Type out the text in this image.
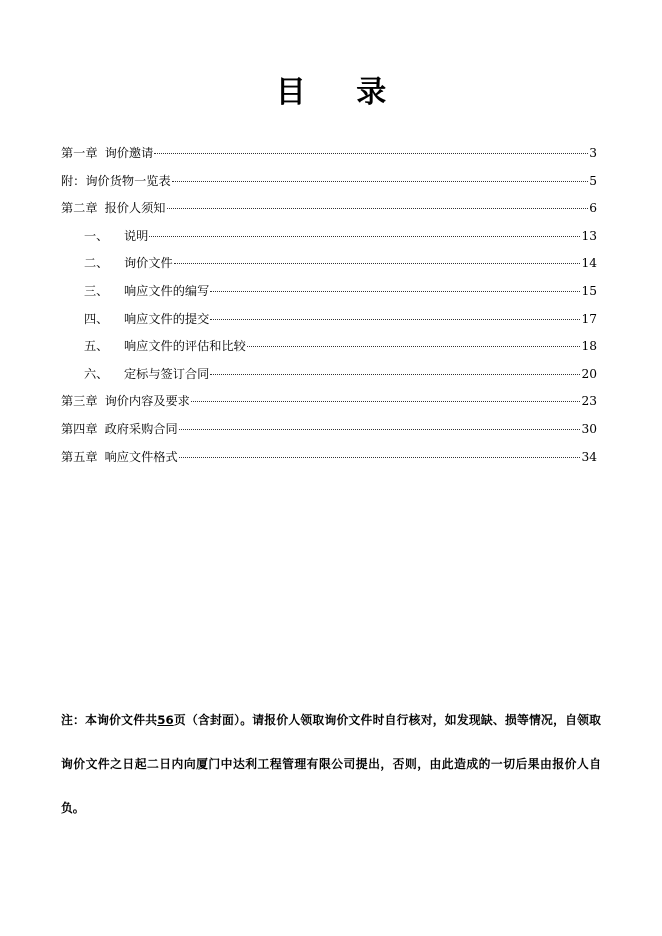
目 录
第一章 询价邀请	3
附：询价货物一览表	5
第二章 报价人须知	6
一、	说明	13
二、	询价文件	14
三、	响应文件的编写	15
四、	响应文件的提交	17
五、	响应文件的评估和比较	18
六、	定标与签订合同	20
第三章 询价内容及要求	23
第四章 政府采购合同	30
第五章 响应文件格式	34
注：本询价文件共56页（含封面）。请报价人领取询价文件时自行核对，如发现缺、损等情况，自领取询价文件之日起二日内向厦门中达利工程管理有限公司提出，否则，由此造成的一切后果由报价人自负。
